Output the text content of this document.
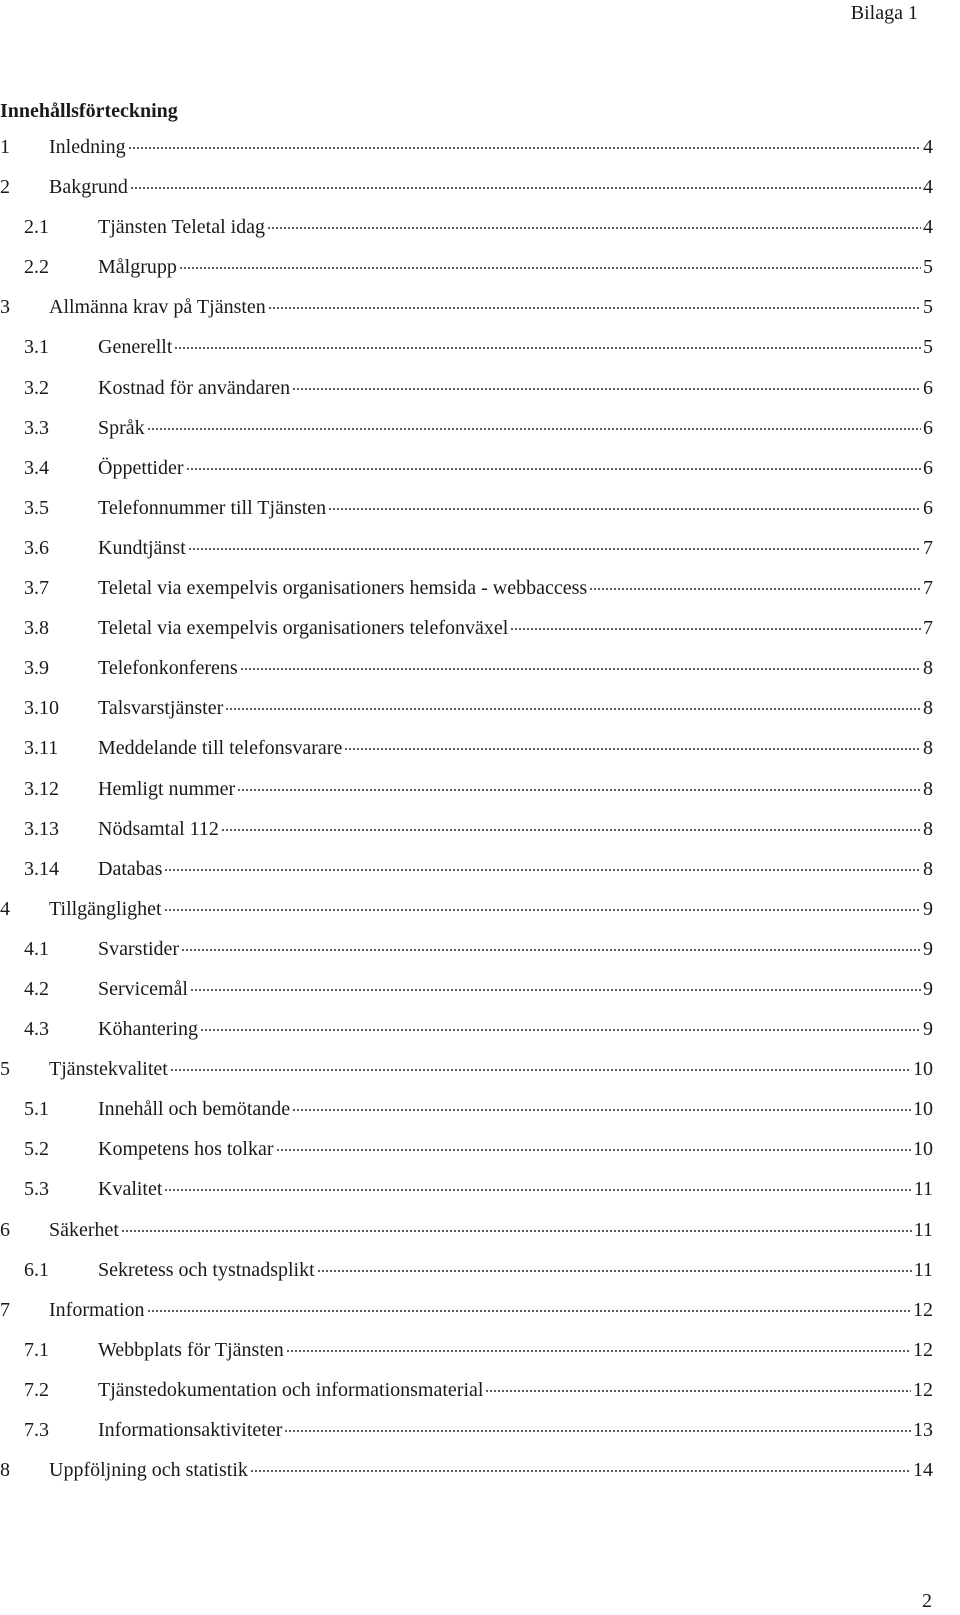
Bilaga 1
Innehållsförteckning
1	Inledning	4
2	Bakgrund	4
2.1	Tjänsten Teletal idag	4
2.2	Målgrupp	5
3	Allmänna krav på Tjänsten	5
3.1	Generellt	5
3.2	Kostnad för användaren	6
3.3	Språk	6
3.4	Öppettider	6
3.5	Telefonnummer till Tjänsten	6
3.6	Kundtjänst	7
3.7	Teletal via exempelvis organisationers hemsida - webbaccess	7
3.8	Teletal via exempelvis organisationers telefonväxel	7
3.9	Telefonkonferens	8
3.10	Talsvarstjänster	8
3.11	Meddelande till telefonsvarare	8
3.12	Hemligt nummer	8
3.13	Nödsamtal 112	8
3.14	Databas	8
4	Tillgänglighet	9
4.1	Svarstider	9
4.2	Servicemål	9
4.3	Köhantering	9
5	Tjänstekvalitet	10
5.1	Innehåll och bemötande	10
5.2	Kompetens hos tolkar	10
5.3	Kvalitet	11
6	Säkerhet	11
6.1	Sekretess och tystnadsplikt	11
7	Information	12
7.1	Webbplats för Tjänsten	12
7.2	Tjänstedokumentation och informationsmaterial	12
7.3	Informationsaktiviteter	13
8	Uppföljning och statistik	14
2
